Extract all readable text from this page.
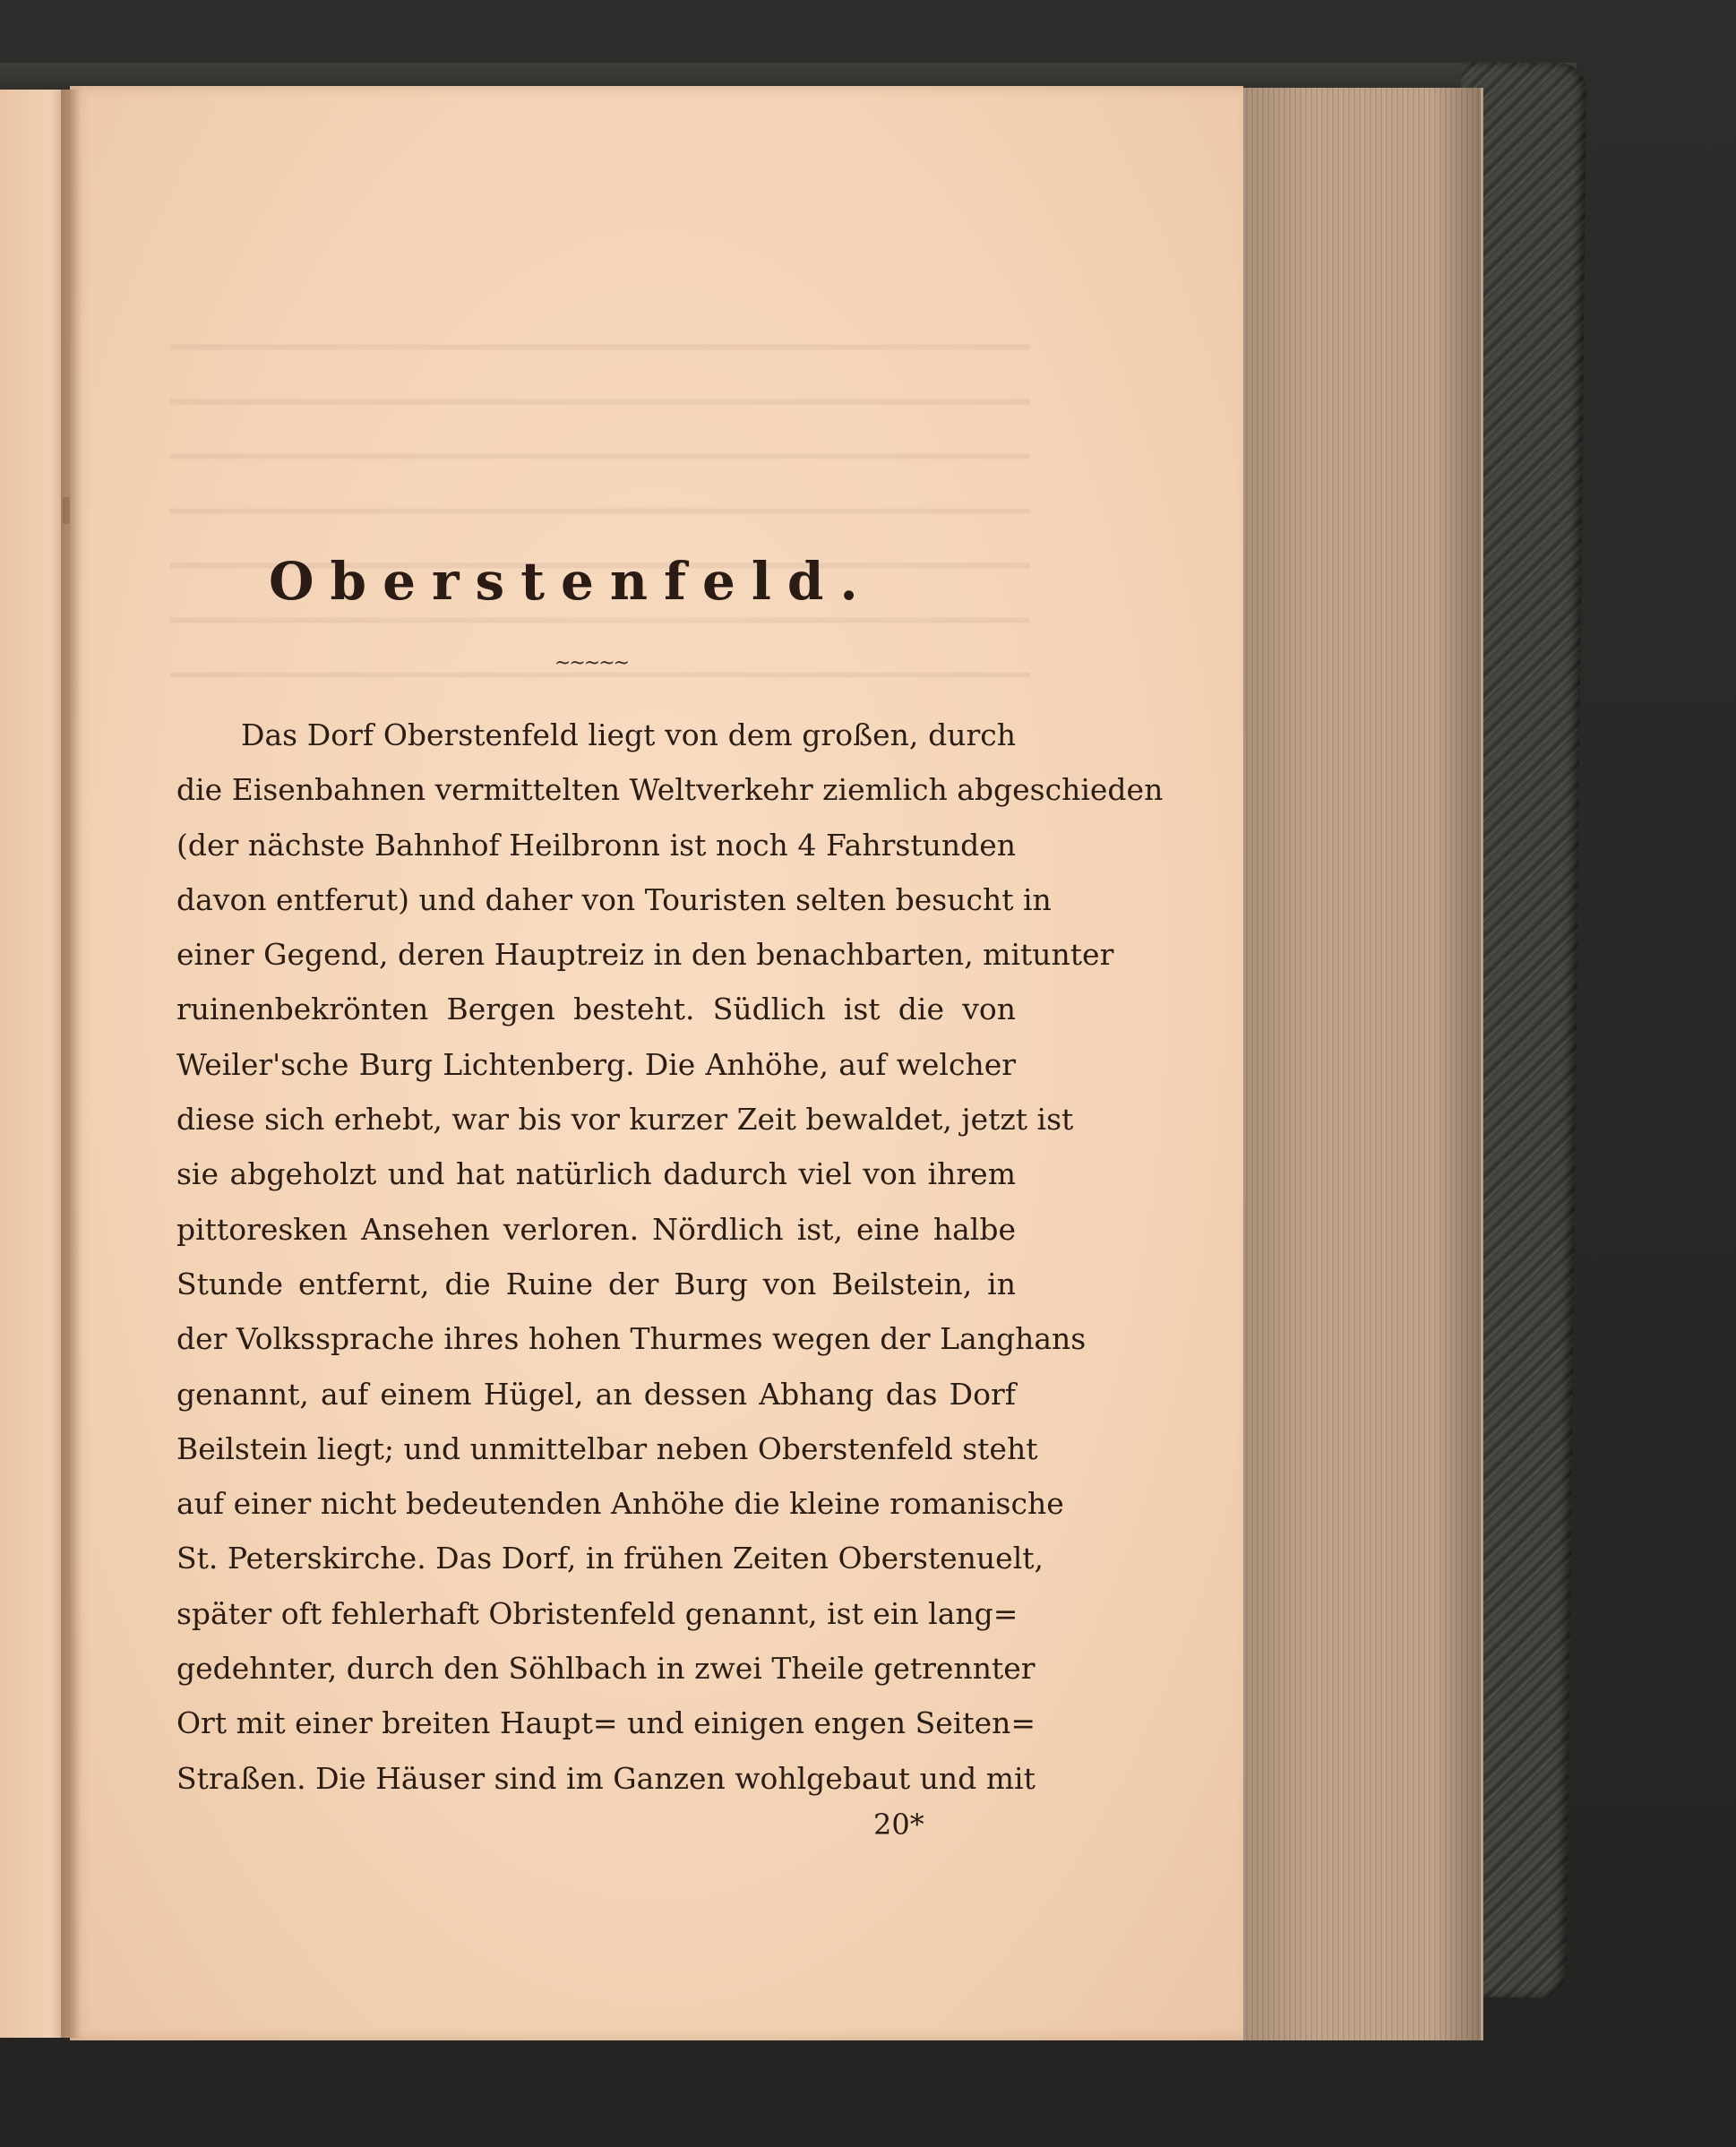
Oberstenfeld.
~~~~~
Das Dorf Oberstenfeld liegt von dem großen, durch
die Eisenbahnen vermittelten Weltverkehr ziemlich abgeschieden
(der nächste Bahnhof Heilbronn ist noch 4 Fahrstunden
davon entferut) und daher von Touristen selten besucht in
einer Gegend, deren Hauptreiz in den benachbarten, mitunter
ruinenbekrönten Bergen besteht. Südlich ist die von
Weiler'sche Burg Lichtenberg. Die Anhöhe, auf welcher
diese sich erhebt, war bis vor kurzer Zeit bewaldet, jetzt ist
sie abgeholzt und hat natürlich dadurch viel von ihrem
pittoresken Ansehen verloren. Nördlich ist, eine halbe
Stunde entfernt, die Ruine der Burg von Beilstein, in
der Volkssprache ihres hohen Thurmes wegen der Langhans
genannt, auf einem Hügel, an dessen Abhang das Dorf
Beilstein liegt; und unmittelbar neben Oberstenfeld steht
auf einer nicht bedeutenden Anhöhe die kleine romanische
St. Peterskirche. Das Dorf, in frühen Zeiten Oberstenuelt,
später oft fehlerhaft Obristenfeld genannt, ist ein lang=
gedehnter, durch den Söhlbach in zwei Theile getrennter
Ort mit einer breiten Haupt= und einigen engen Seiten=
Straßen. Die Häuser sind im Ganzen wohlgebaut und mit
20*
